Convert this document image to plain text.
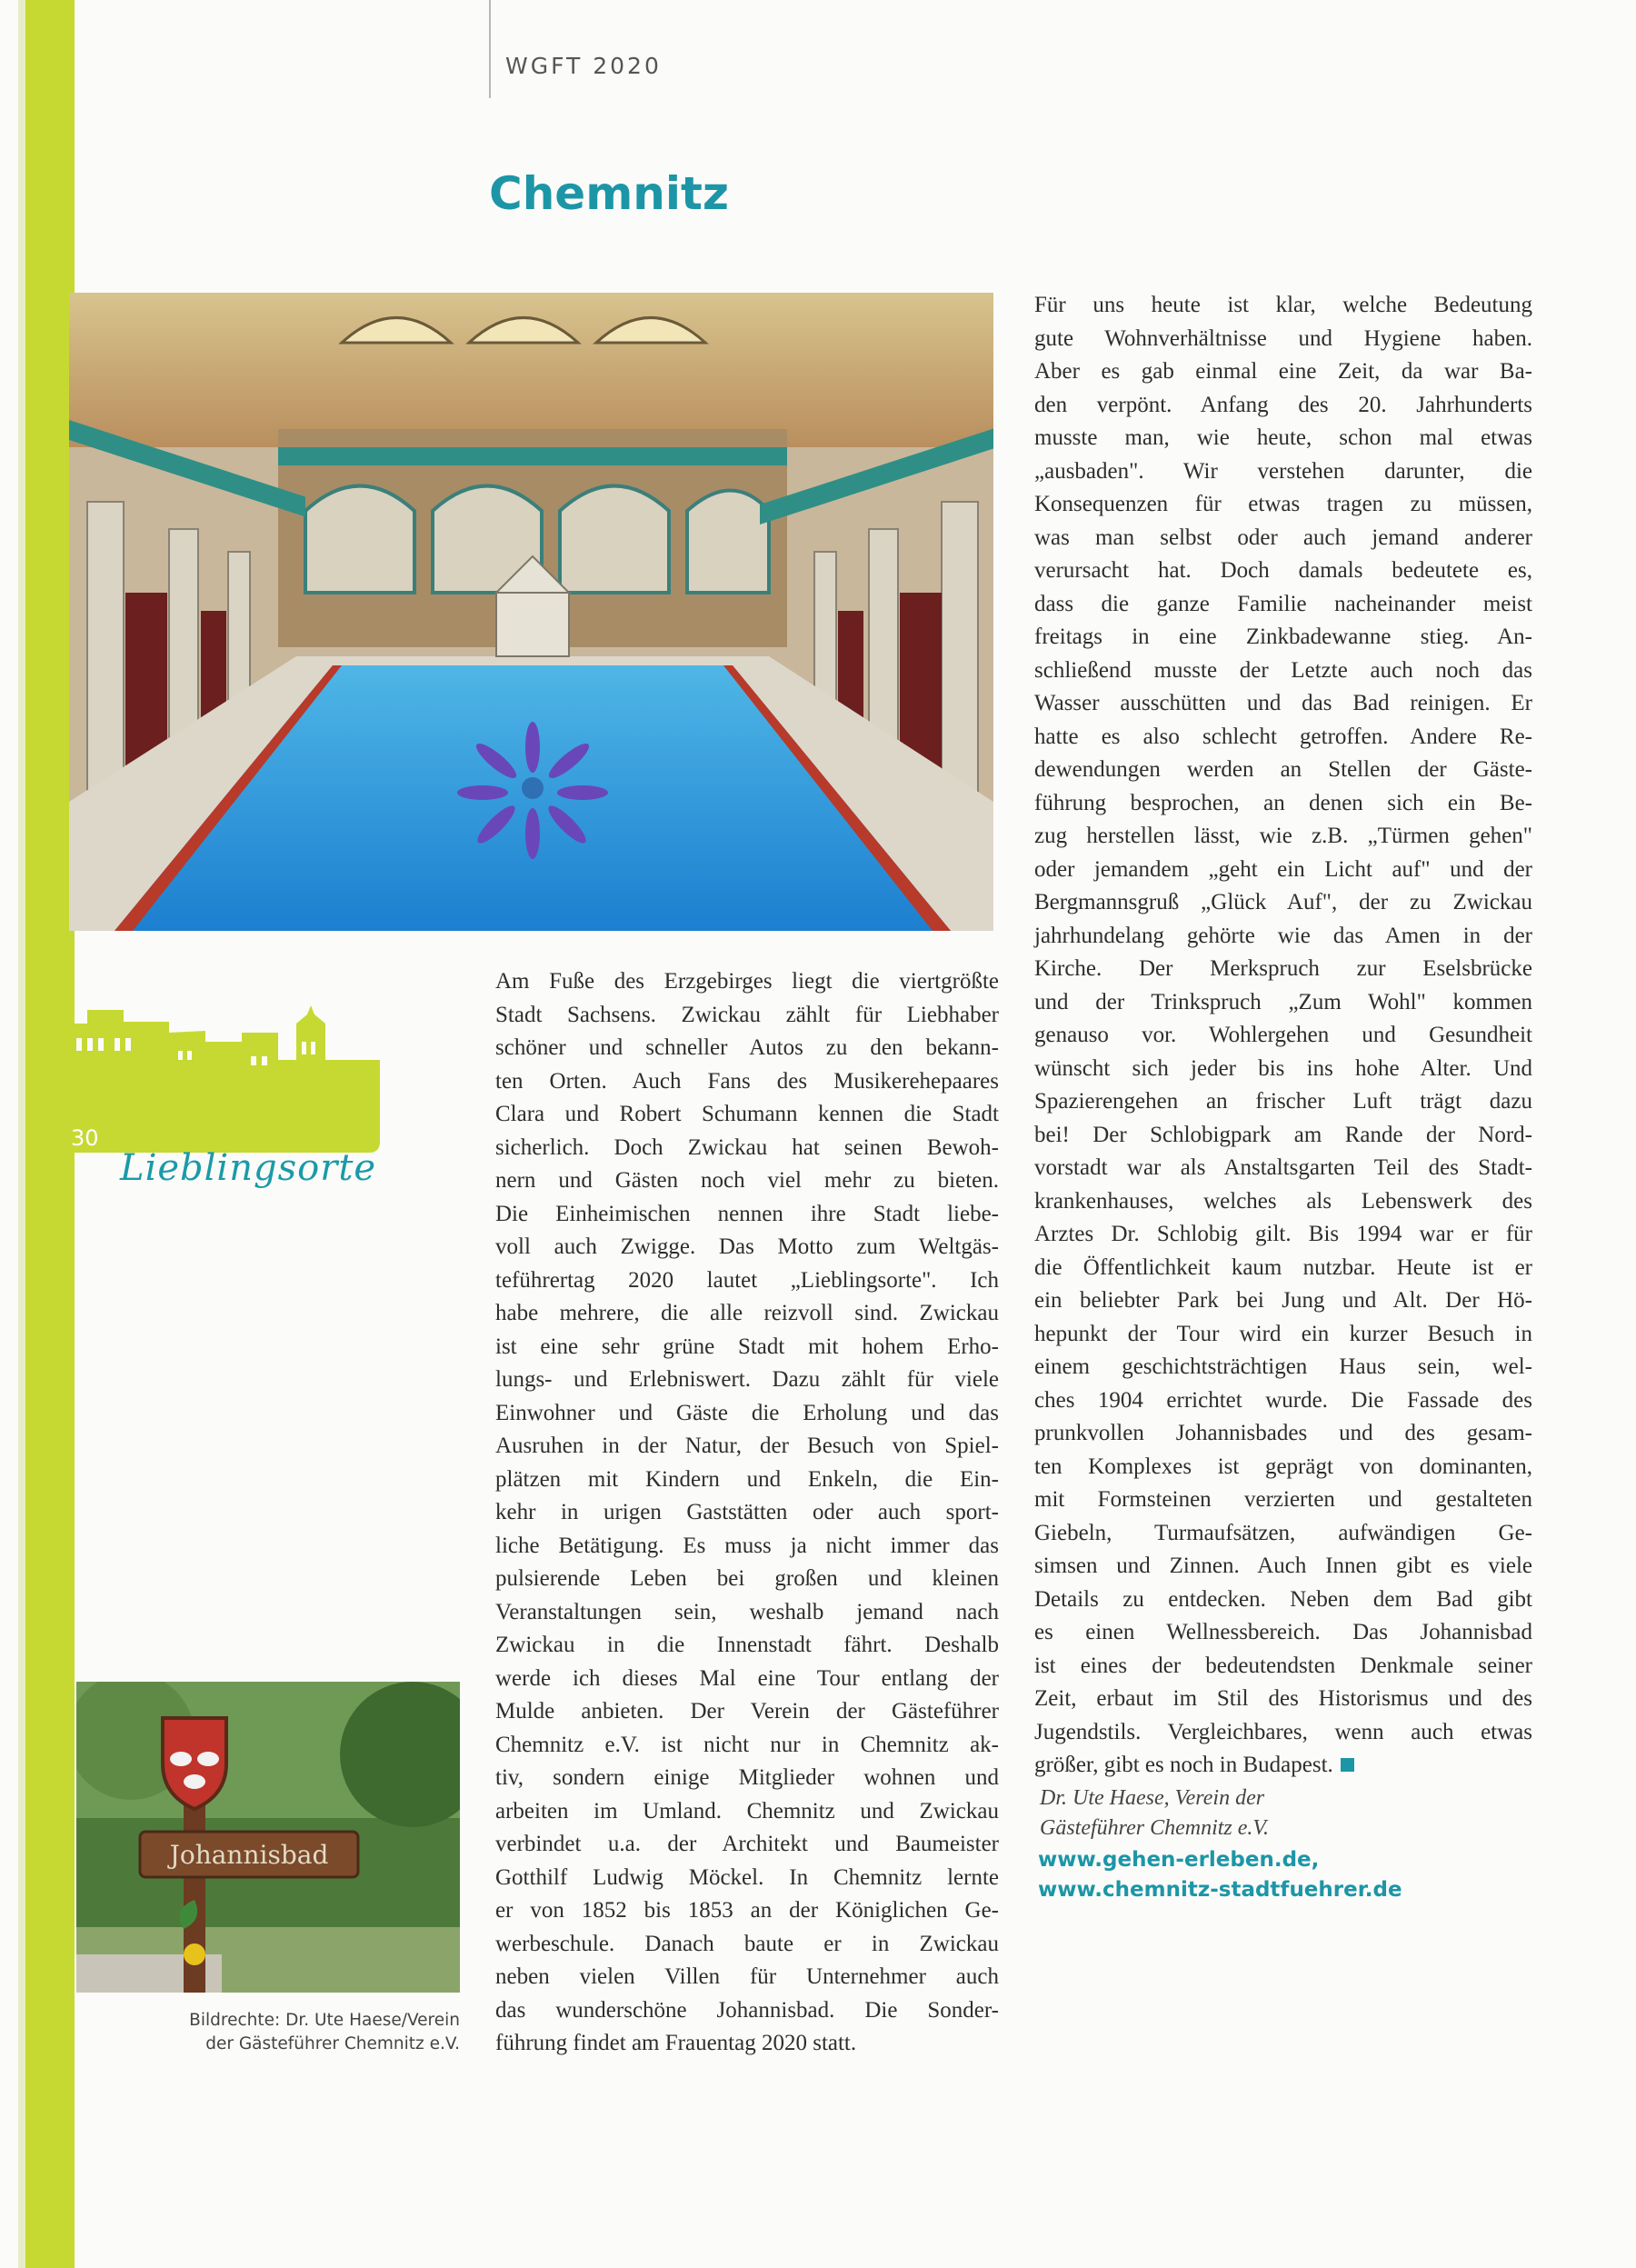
WGFT 2020
Chemnitz
30
Lieblingsorte
Johannisbad
Bildrechte: Dr. Ute Haese/Verein
der Gästeführer Chemnitz e.V.
Am Fuße des Erzgebirges liegt die viertgrößte
Stadt Sachsens. Zwickau zählt für Liebhaber
schöner und schneller Autos zu den bekann-
ten Orten. Auch Fans des Musikerehepaares
Clara und Robert Schumann kennen die Stadt
sicherlich. Doch Zwickau hat seinen Bewoh-
nern und Gästen noch viel mehr zu bieten.
Die Einheimischen nennen ihre Stadt liebe-
voll auch Zwigge. Das Motto zum Weltgäs-
teführertag 2020 lautet „Lieblingsorte". Ich
habe mehrere, die alle reizvoll sind. Zwickau
ist eine sehr grüne Stadt mit hohem Erho-
lungs- und Erlebniswert. Dazu zählt für viele
Einwohner und Gäste die Erholung und das
Ausruhen in der Natur, der Besuch von Spiel-
plätzen mit Kindern und Enkeln, die Ein-
kehr in urigen Gaststätten oder auch sport-
liche Betätigung. Es muss ja nicht immer das
pulsierende Leben bei großen und kleinen
Veranstaltungen sein, weshalb jemand nach
Zwickau in die Innenstadt fährt. Deshalb
werde ich dieses Mal eine Tour entlang der
Mulde anbieten. Der Verein der Gästeführer
Chemnitz e.V. ist nicht nur in Chemnitz ak-
tiv, sondern einige Mitglieder wohnen und
arbeiten im Umland. Chemnitz und Zwickau
verbindet u.a. der Architekt und Baumeister
Gotthilf Ludwig Möckel. In Chemnitz lernte
er von 1852 bis 1853 an der Königlichen Ge-
werbeschule. Danach baute er in Zwickau
neben vielen Villen für Unternehmer auch
das wunderschöne Johannisbad. Die Sonder-
führung findet am Frauentag 2020 statt.
Für uns heute ist klar, welche Bedeutung
gute Wohnverhältnisse und Hygiene haben.
Aber es gab einmal eine Zeit, da war Ba-
den verpönt. Anfang des 20. Jahrhunderts
musste man, wie heute, schon mal etwas
„ausbaden". Wir verstehen darunter, die
Konsequenzen für etwas tragen zu müssen,
was man selbst oder auch jemand anderer
verursacht hat. Doch damals bedeutete es,
dass die ganze Familie nacheinander meist
freitags in eine Zinkbadewanne stieg. An-
schließend musste der Letzte auch noch das
Wasser ausschütten und das Bad reinigen. Er
hatte es also schlecht getroffen. Andere Re-
dewendungen werden an Stellen der Gäste-
führung besprochen, an denen sich ein Be-
zug herstellen lässt, wie z.B. „Türmen gehen"
oder jemandem „geht ein Licht auf" und der
Bergmannsgruß „Glück Auf", der zu Zwickau
jahrhundelang gehörte wie das Amen in der
Kirche. Der Merkspruch zur Eselsbrücke
und der Trinkspruch „Zum Wohl" kommen
genauso vor. Wohlergehen und Gesundheit
wünscht sich jeder bis ins hohe Alter. Und
Spazierengehen an frischer Luft trägt dazu
bei! Der Schlobigpark am Rande der Nord-
vorstadt war als Anstaltsgarten Teil des Stadt-
krankenhauses, welches als Lebenswerk des
Arztes Dr. Schlobig gilt. Bis 1994 war er für
die Öffentlichkeit kaum nutzbar. Heute ist er
ein beliebter Park bei Jung und Alt. Der Hö-
hepunkt der Tour wird ein kurzer Besuch in
einem geschichtsträchtigen Haus sein, wel-
ches 1904 errichtet wurde. Die Fassade des
prunkvollen Johannisbades und des gesam-
ten Komplexes ist geprägt von dominanten,
mit Formsteinen verzierten und gestalteten
Giebeln, Turmaufsätzen, aufwändigen Ge-
simsen und Zinnen. Auch Innen gibt es viele
Details zu entdecken. Neben dem Bad gibt
es einen Wellnessbereich. Das Johannisbad
ist eines der bedeutendsten Denkmale seiner
Zeit, erbaut im Stil des Historismus und des
Jugendstils. Vergleichbares, wenn auch etwas
größer, gibt es noch in Budapest.
Dr. Ute Haese, Verein der
Gästeführer Chemnitz e.V.
www.gehen-erleben.de,
www.chemnitz-stadtfuehrer.de
